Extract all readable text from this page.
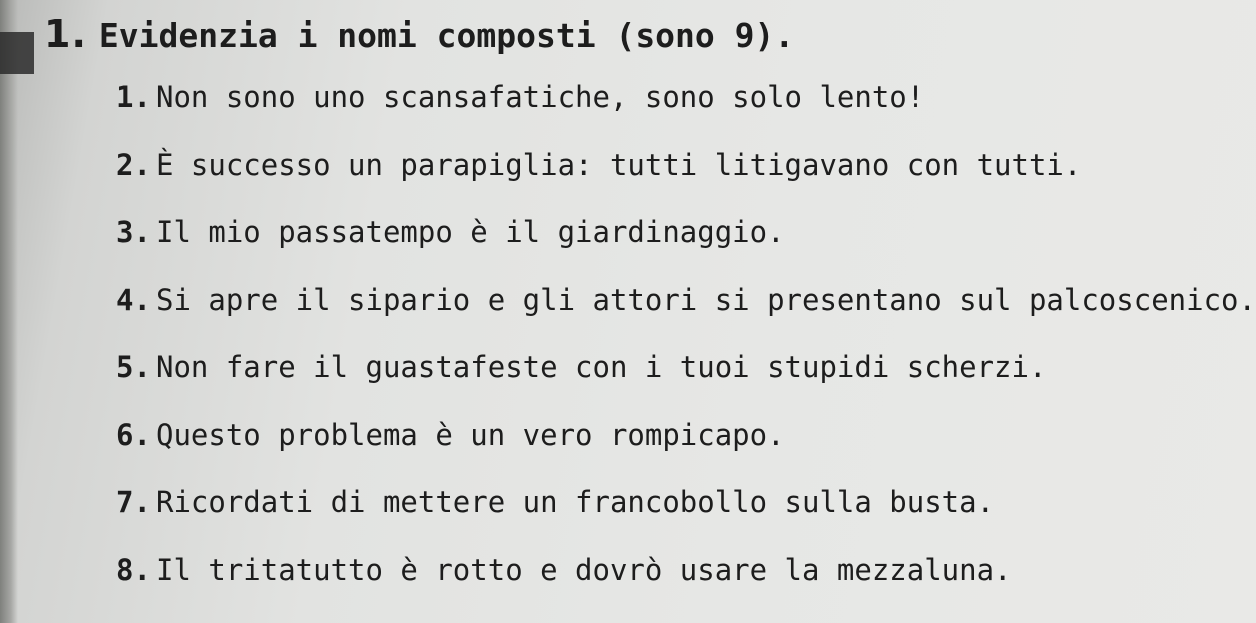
1. Evidenzia i nomi composti (sono 9).
1. Non sono uno scansafatiche, sono solo lento!
2. È successo un parapiglia: tutti litigavano con tutti.
3. Il mio passatempo è il giardinaggio.
4. Si apre il sipario e gli attori si presentano sul palcoscenico.
5. Non fare il guastafeste con i tuoi stupidi scherzi.
6. Questo problema è un vero rompicapo.
7. Ricordati di mettere un francobollo sulla busta.
8. Il tritatutto è rotto e dovrò usare la mezzaluna.
